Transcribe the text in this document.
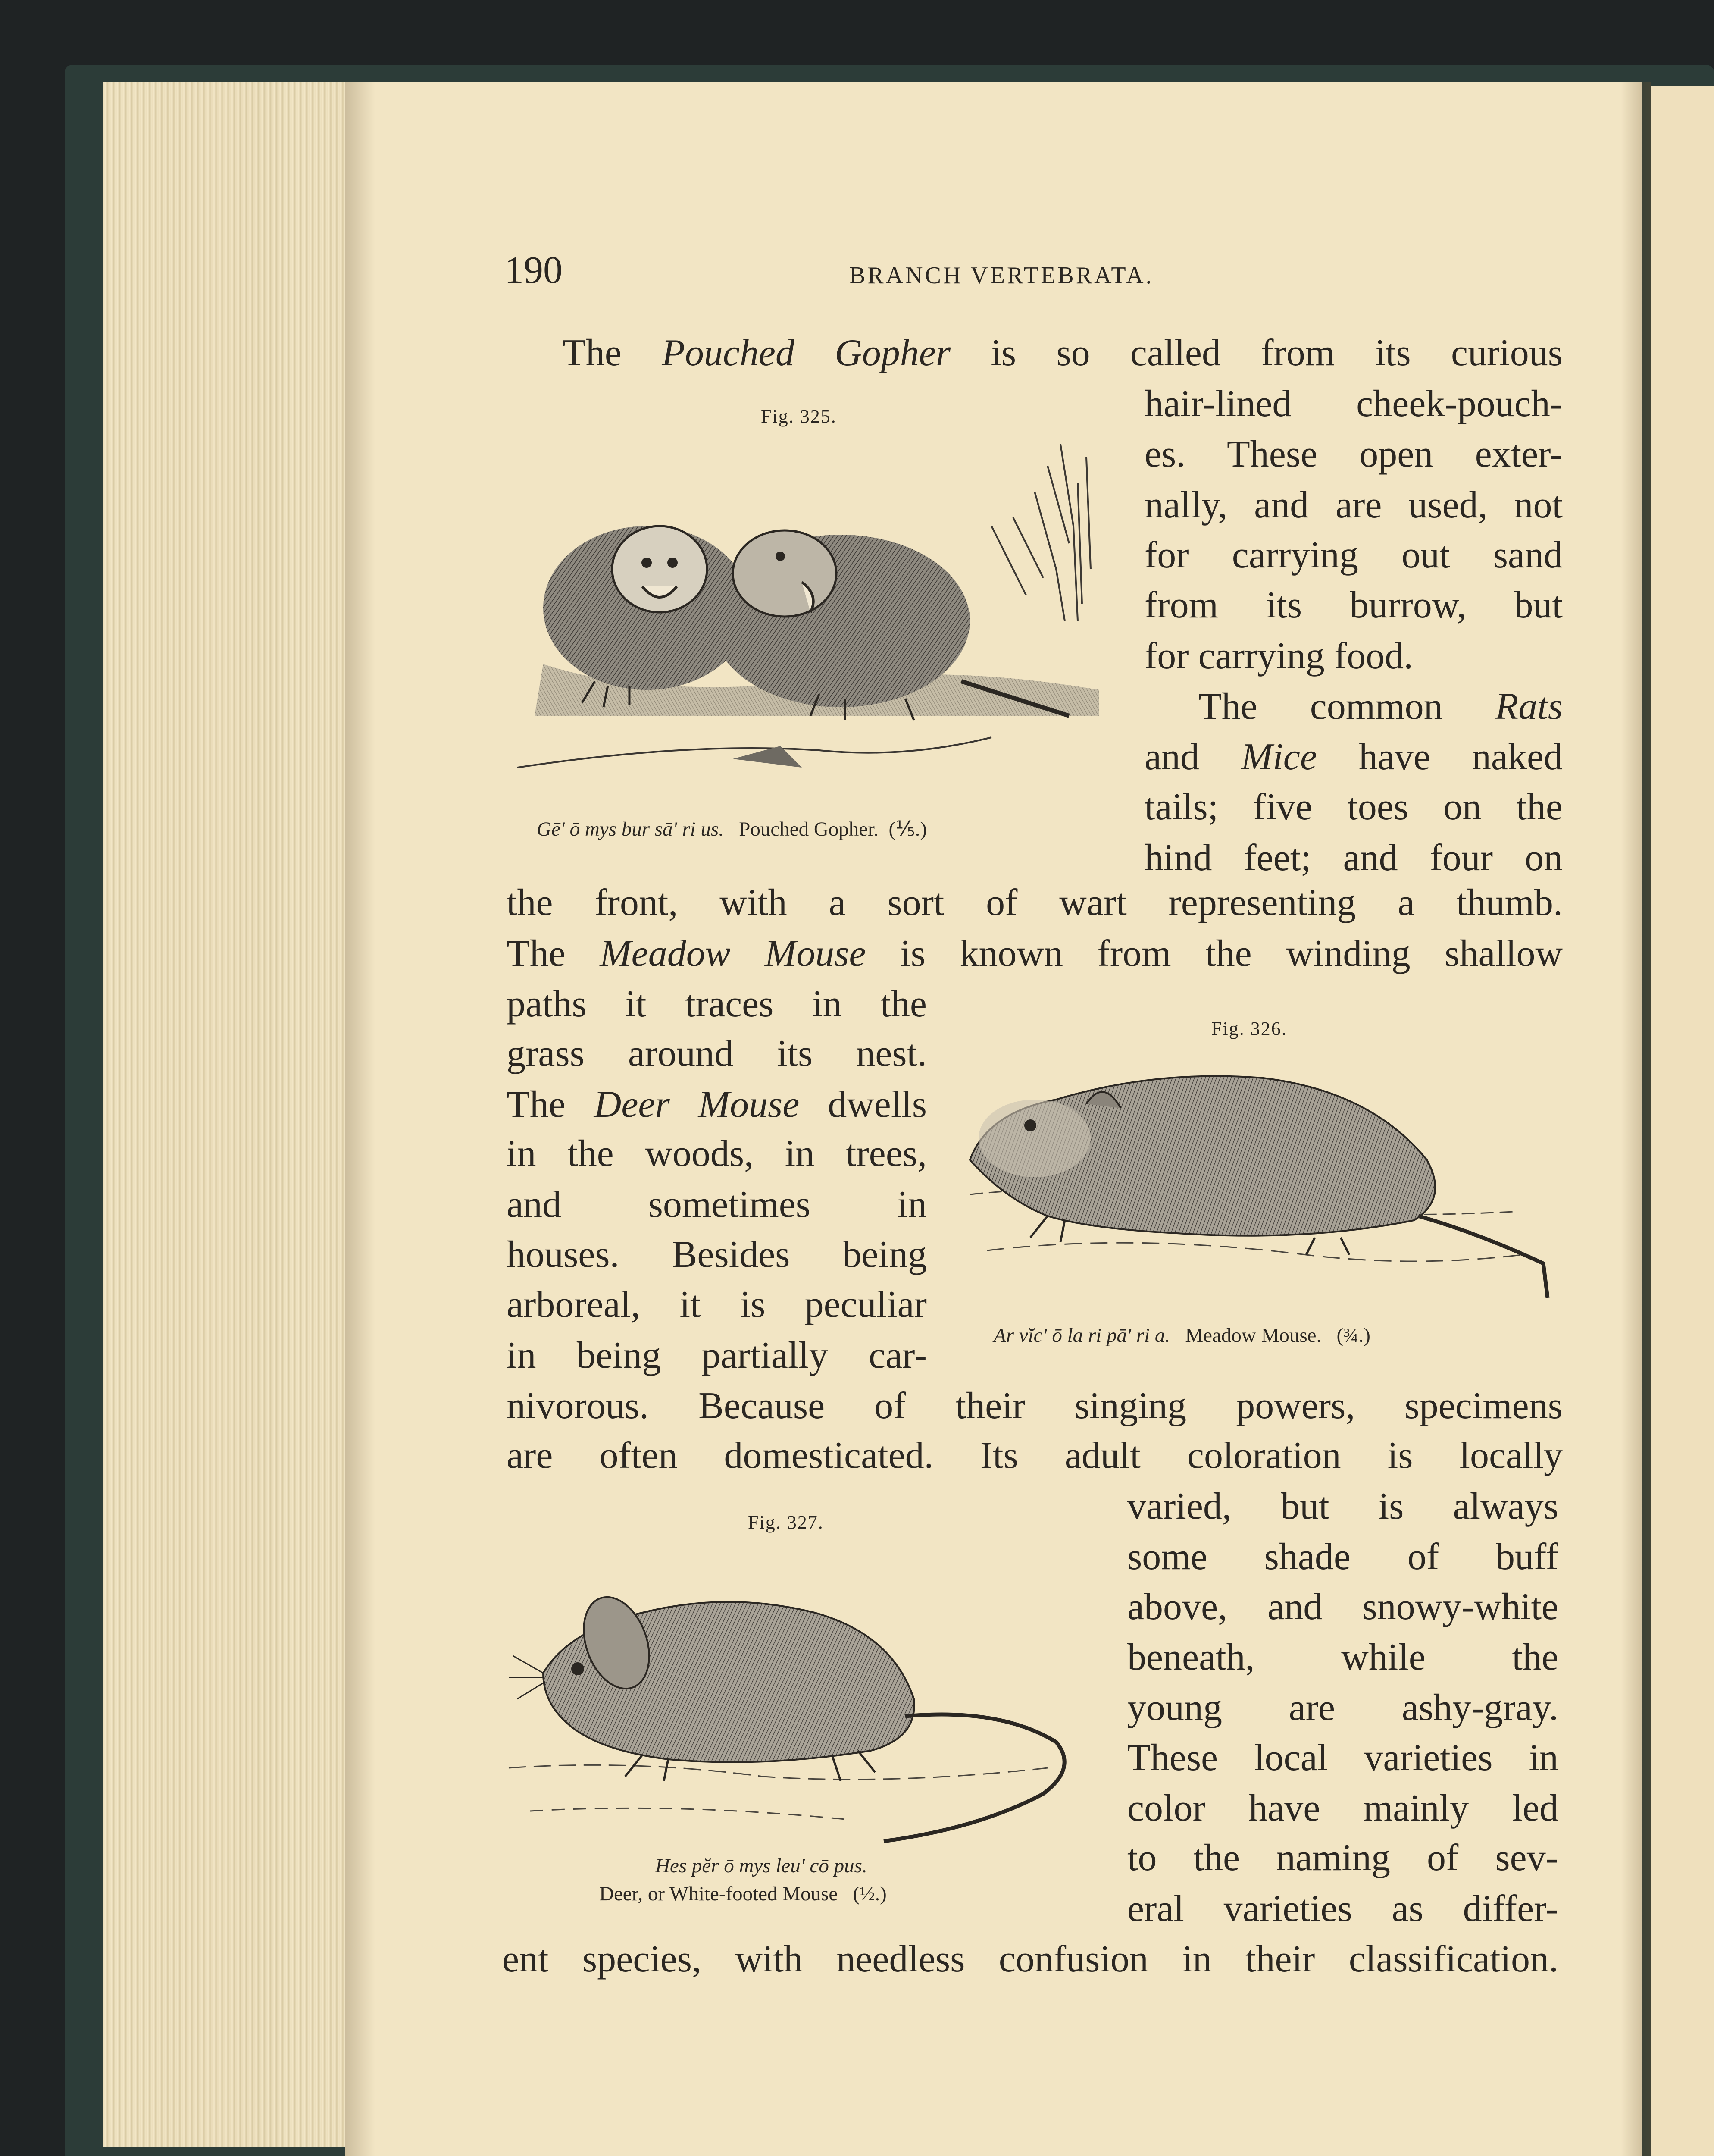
190	BRANCH VERTEBRATA.
The Pouched Gopher is so called from its curious
hair-lined cheek-pouch-
es. These open exter-
nally, and are used, not
for carrying out sand
from its burrow, but
for carrying food.
The common Rats
and Mice have naked
tails; five toes on the
hind feet; and four on
the front, with a sort of wart representing a thumb.
The Meadow Mouse is known from the winding shallow
paths it traces in the
grass around its nest.
The Deer Mouse dwells
in the woods, in trees,
and sometimes in
houses. Besides being
arboreal, it is peculiar
in being partially car-
nivorous. Because of their singing powers, specimens
are often domesticated. Its adult coloration is locally
varied, but is always
some shade of buff
above, and snowy-white
beneath, while the
young are ashy-gray.
These local varieties in
color have mainly led
to the naming of sev-
eral varieties as differ-
ent species, with needless confusion in their classification.
Fig. 325.
Gē' ō mys bur sā' ri us. Pouched Gopher. (⅕.)
Fig. 326.
Ar vĭc' ō la ri pā' ri a. Meadow Mouse. (¾.)
Fig. 327.
Hes pĕr ō mys leu' cō pus.
Deer, or White-footed Mouse (½.)
